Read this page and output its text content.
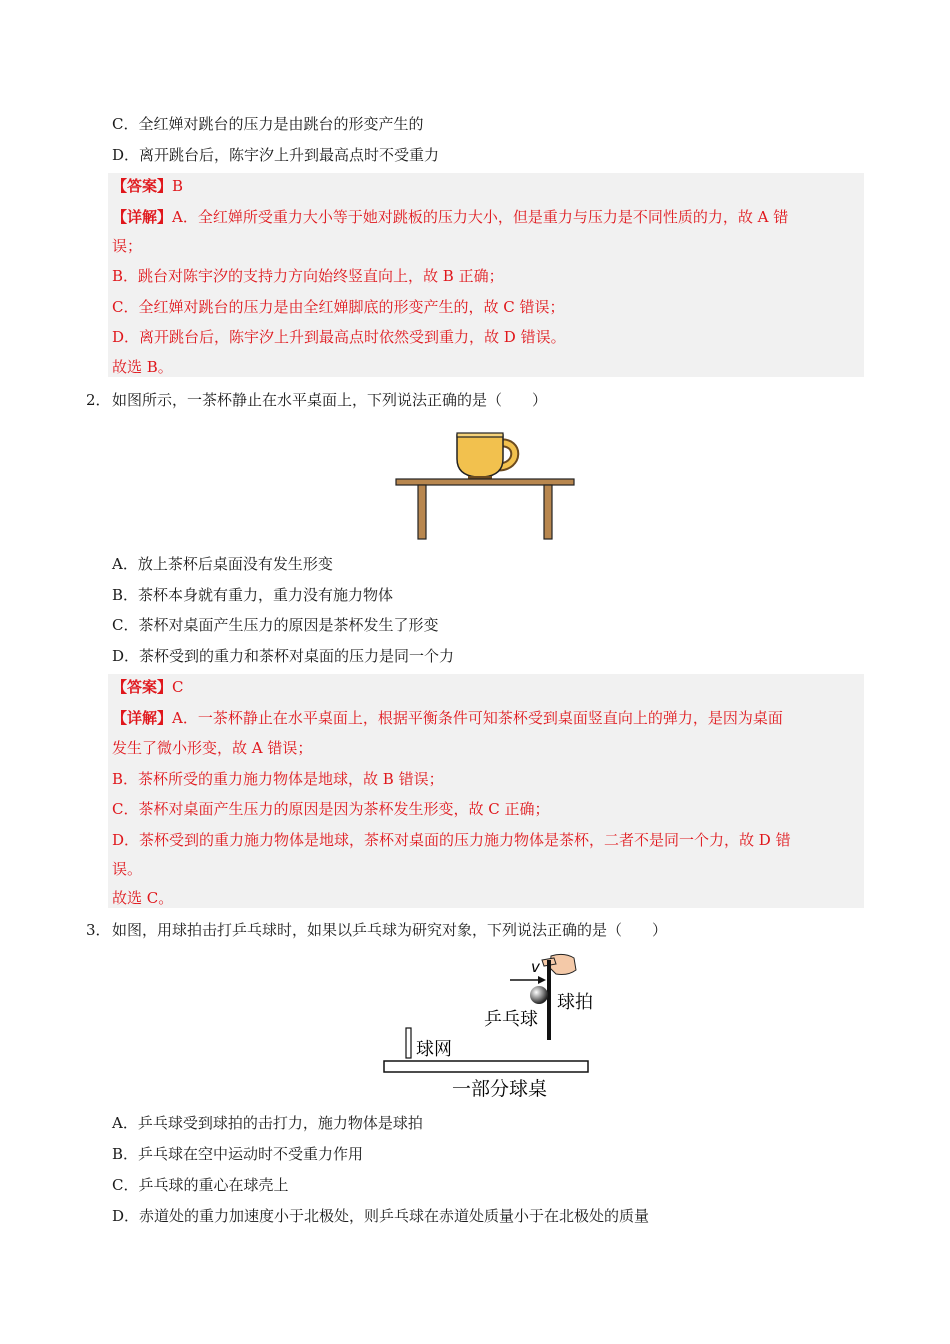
C．全红婵对跳台的压力是由跳台的形变产生的
D．离开跳台后，陈宇汐上升到最高点时不受重力
【答案】B
【详解】A．全红婵所受重力大小等于她对跳板的压力大小，但是重力与压力是不同性质的力，故 A 错
误；
B．跳台对陈宇汐的支持力方向始终竖直向上，故 B 正确；
C．全红婵对跳台的压力是由全红婵脚底的形变产生的，故 C 错误；
D．离开跳台后，陈宇汐上升到最高点时依然受到重力，故 D 错误。
故选 B。
2． 如图所示，一茶杯静止在水平桌面上，下列说法正确的是（　　）
A．放上茶杯后桌面没有发生形变
B．茶杯本身就有重力，重力没有施力物体
C．茶杯对桌面产生压力的原因是茶杯发生了形变
D．茶杯受到的重力和茶杯对桌面的压力是同一个力
【答案】C
【详解】A．一茶杯静止在水平桌面上，根据平衡条件可知茶杯受到桌面竖直向上的弹力，是因为桌面
发生了微小形变，故 A 错误；
B．茶杯所受的重力施力物体是地球，故 B 错误；
C．茶杯对桌面产生压力的原因是因为茶杯发生形变，故 C 正确；
D．茶杯受到的重力施力物体是地球，茶杯对桌面的压力施力物体是茶杯，二者不是同一个力，故 D 错
误。
故选 C。
3． 如图，用球拍击打乒乓球时，如果以乒乓球为研究对象，下列说法正确的是（　　）
v
球拍
乒乓球
球网
一部分球桌
A．乒乓球受到球拍的击打力，施力物体是球拍
B．乒乓球在空中运动时不受重力作用
C．乒乓球的重心在球壳上
D．赤道处的重力加速度小于北极处，则乒乓球在赤道处质量小于在北极处的质量
